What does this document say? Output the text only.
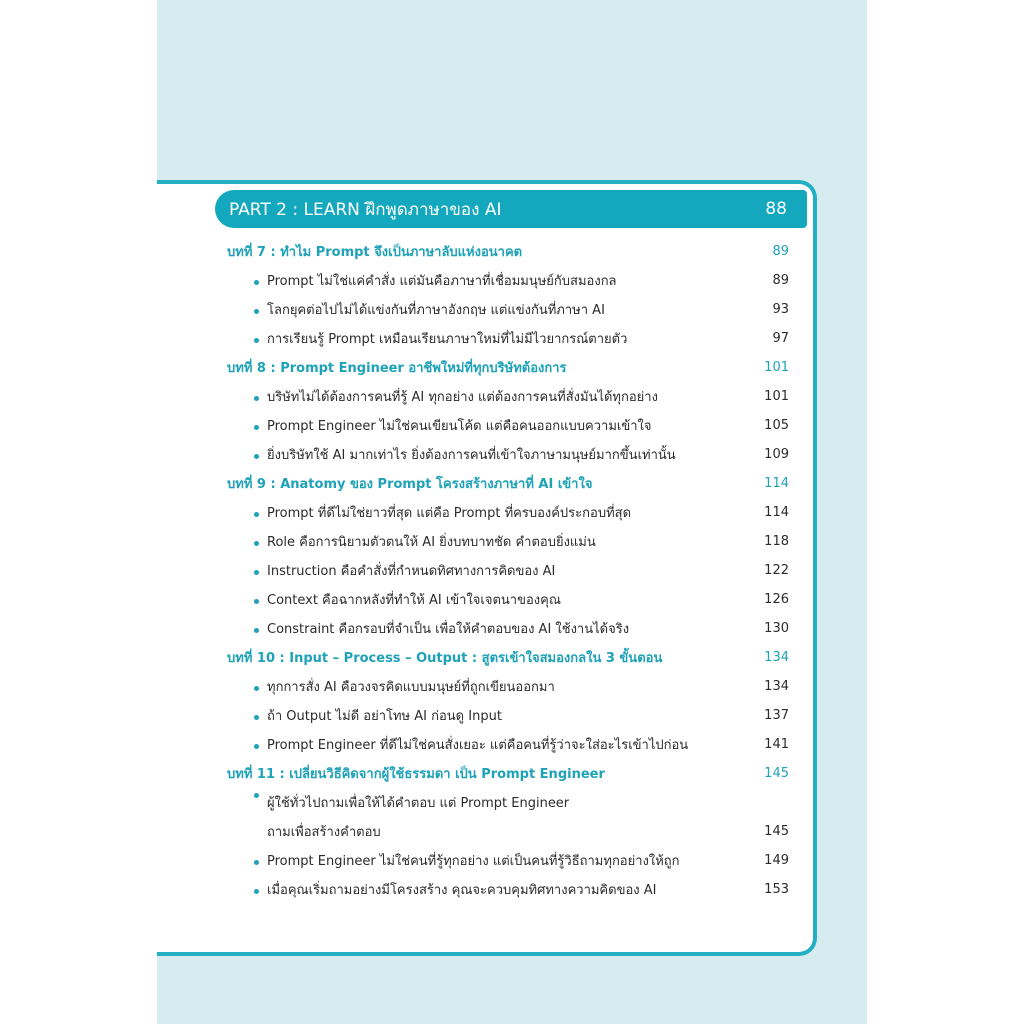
PART 2 : LEARN ฝึกพูดภาษาของ AI	88
บทที่ 7 : ทำไม Prompt จึงเป็นภาษาลับแห่งอนาคต	89
Prompt ไม่ใช่แค่คำสั่ง แต่มันคือภาษาที่เชื่อมมนุษย์กับสมองกล	89
โลกยุคต่อไปไม่ได้แข่งกันที่ภาษาอังกฤษ แต่แข่งกันที่ภาษา AI	93
การเรียนรู้ Prompt เหมือนเรียนภาษาใหม่ที่ไม่มีไวยากรณ์ตายตัว	97
บทที่ 8 : Prompt Engineer อาชีพใหม่ที่ทุกบริษัทต้องการ	101
บริษัทไม่ได้ต้องการคนที่รู้ AI ทุกอย่าง แต่ต้องการคนที่สั่งมันได้ทุกอย่าง	101
Prompt Engineer ไม่ใช่คนเขียนโค้ด แต่คือคนออกแบบความเข้าใจ	105
ยิ่งบริษัทใช้ AI มากเท่าไร ยิ่งต้องการคนที่เข้าใจภาษามนุษย์มากขึ้นเท่านั้น	109
บทที่ 9 : Anatomy ของ Prompt โครงสร้างภาษาที่ AI เข้าใจ	114
Prompt ที่ดีไม่ใช่ยาวที่สุด แต่คือ Prompt ที่ครบองค์ประกอบที่สุด	114
Role คือการนิยามตัวตนให้ AI ยิ่งบทบาทชัด คำตอบยิ่งแม่น	118
Instruction คือคำสั่งที่กำหนดทิศทางการคิดของ AI	122
Context คือฉากหลังที่ทำให้ AI เข้าใจเจตนาของคุณ	126
Constraint คือกรอบที่จำเป็น เพื่อให้คำตอบของ AI ใช้งานได้จริง	130
บทที่ 10 : Input – Process – Output : สูตรเข้าใจสมองกลใน 3 ขั้นตอน	134
ทุกการสั่ง AI คือวงจรคิดแบบมนุษย์ที่ถูกเขียนออกมา	134
ถ้า Output ไม่ดี อย่าโทษ AI ก่อนดู Input	137
Prompt Engineer ที่ดีไม่ใช่คนสั่งเยอะ แต่คือคนที่รู้ว่าจะใส่อะไรเข้าไปก่อน	141
บทที่ 11 : เปลี่ยนวิธีคิดจากผู้ใช้ธรรมดา เป็น Prompt Engineer	145
ผู้ใช้ทั่วไปถามเพื่อให้ได้คำตอบ แต่ Prompt Engineer
ถามเพื่อสร้างคำตอบ	145
Prompt Engineer ไม่ใช่คนที่รู้ทุกอย่าง แต่เป็นคนที่รู้วิธีถามทุกอย่างให้ถูก	149
เมื่อคุณเริ่มถามอย่างมีโครงสร้าง คุณจะควบคุมทิศทางความคิดของ AI	153
